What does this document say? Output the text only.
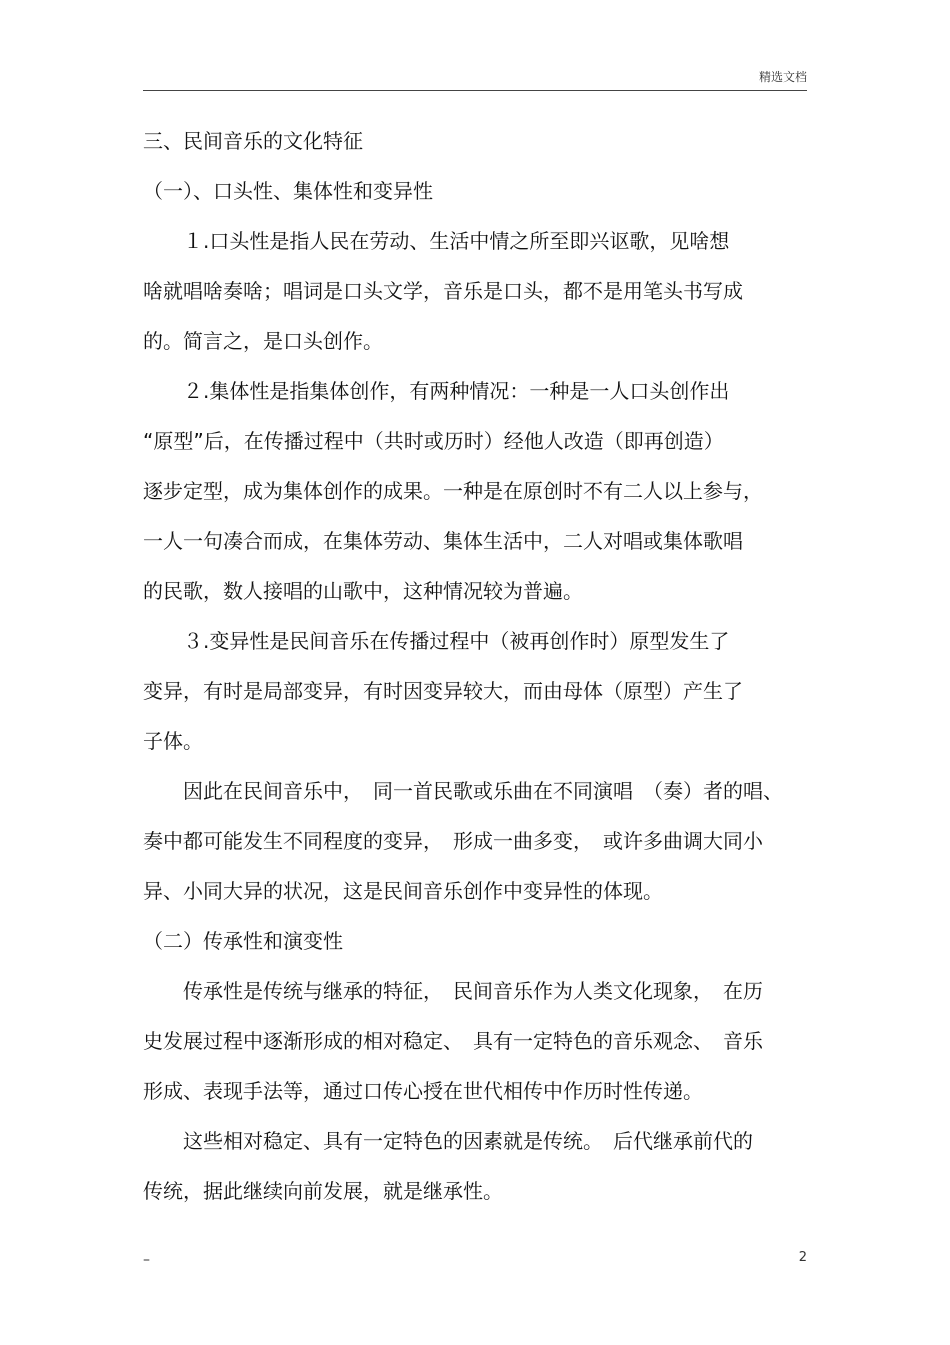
精选文档
三、民间音乐的文化特征
（一）、口头性、集体性和变异性
　　１.口头性是指人民在劳动、生活中情之所至即兴讴歌，见啥想
啥就唱啥奏啥；唱词是口头文学，音乐是口头，都不是用笔头书写成
的。简言之，是口头创作。
　　２.集体性是指集体创作，有两种情况：一种是一人口头创作出
“原型”后，在传播过程中（共时或历时）经他人改造（即再创造）
逐步定型，成为集体创作的成果。一种是在原创时不有二人以上参与，
一人一句凑合而成，在集体劳动、集体生活中，二人对唱或集体歌唱
的民歌，数人接唱的山歌中，这种情况较为普遍。
　　３.变异性是民间音乐在传播过程中（被再创作时）原型发生了
变异，有时是局部变异，有时因变异较大，而由母体（原型）产生了
子体。
　　因此在民间音乐中，　同一首民歌或乐曲在不同演唱　（奏）者的唱、
奏中都可能发生不同程度的变异，　形成一曲多变，　或许多曲调大同小
异、小同大异的状况，这是民间音乐创作中变异性的体现。
（二）传承性和演变性
　　传承性是传统与继承的特征，　民间音乐作为人类文化现象，　在历
史发展过程中逐渐形成的相对稳定、　具有一定特色的音乐观念、　音乐
形成、表现手法等，通过口传心授在世代相传中作历时性传递。
　　这些相对稳定、具有一定特色的因素就是传统。　后代继承前代的
传统，据此继续向前发展，就是继承性。
–	2
